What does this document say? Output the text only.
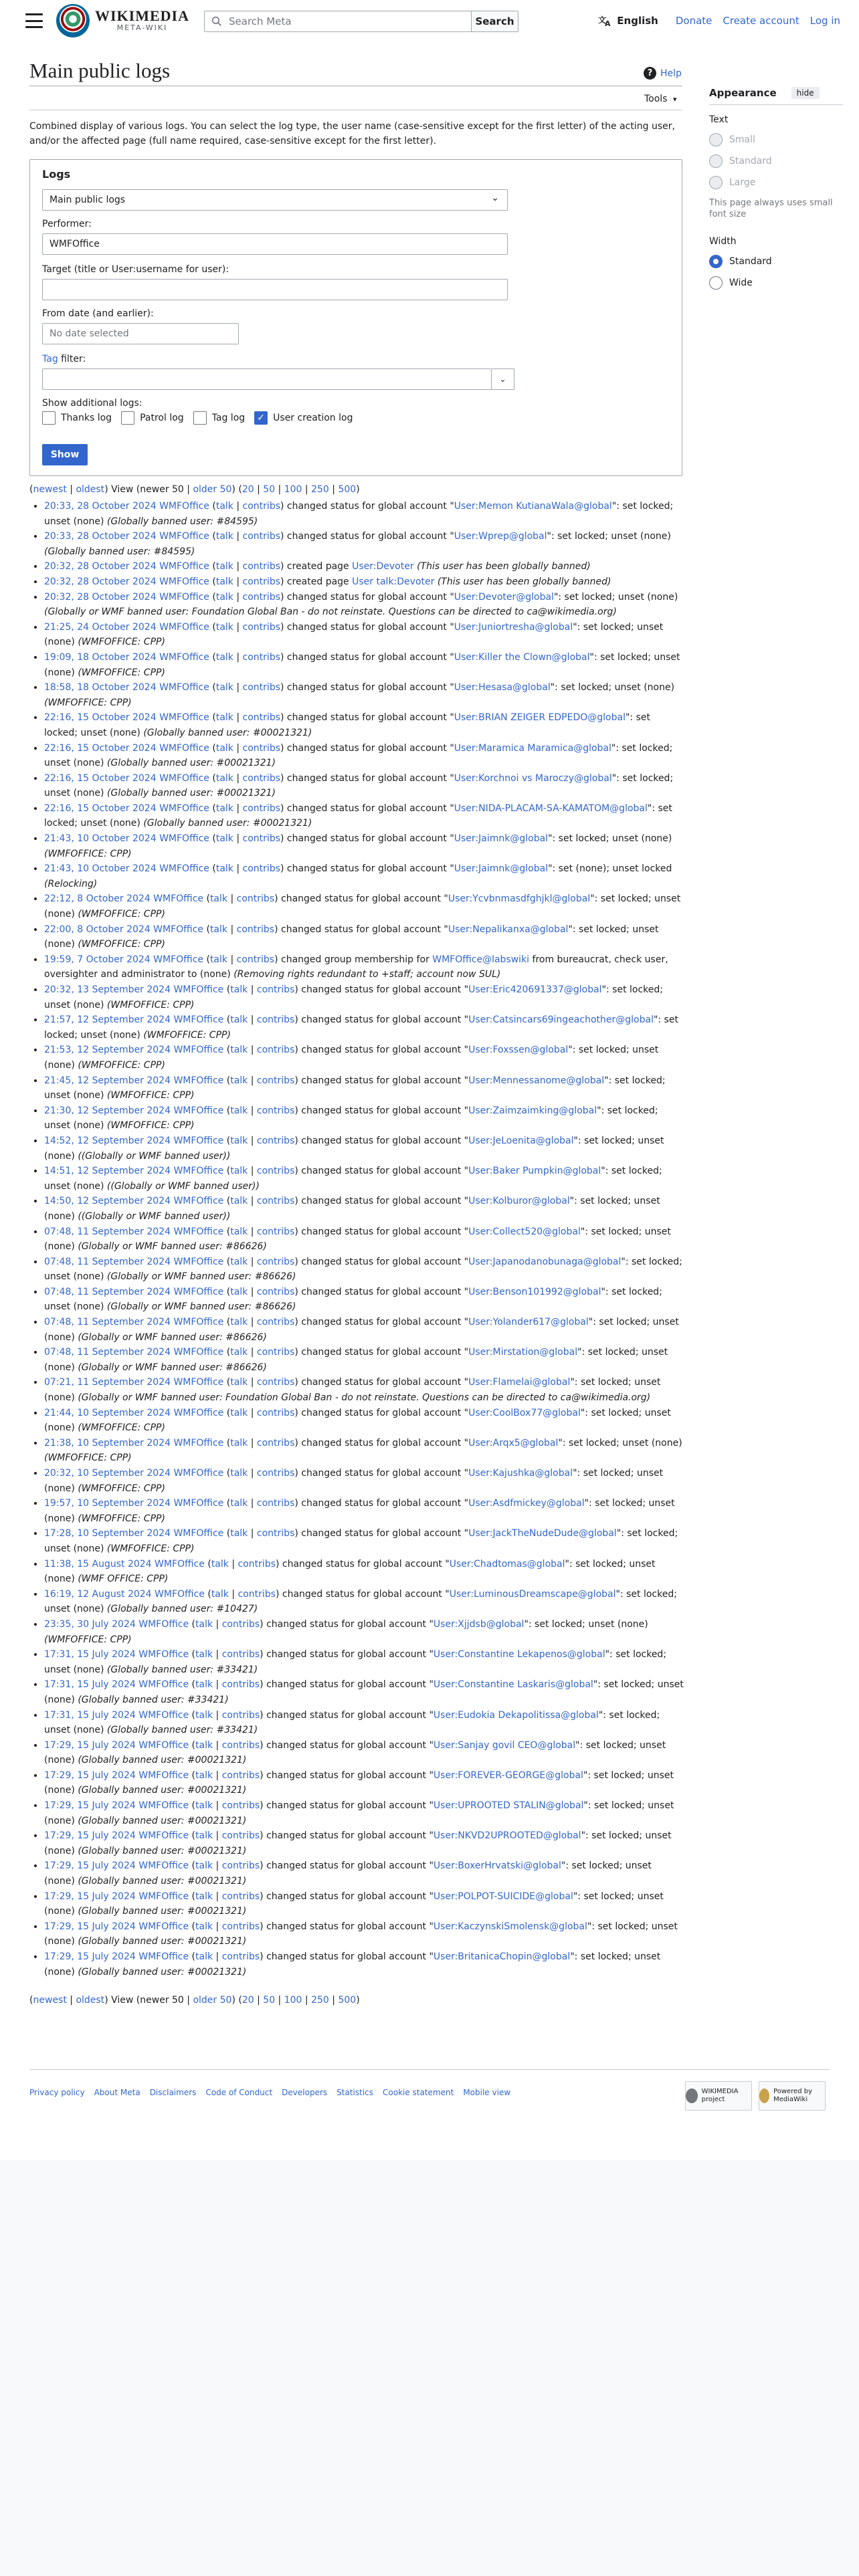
WIKIMEDIA
META-WIKI
Search Meta	Search	文
A English Donate Create account Log in
Main public logs	? Help
Tools ▾

Combined display of various logs. You can select the log type, the user name (case-sensitive except for the first letter) of the acting user, and/or the affected page (full name required, case-sensitive except for the first letter).

Logs
Main public logs	⌄
Performer:
WMFOffice
Target (title or User:username for user):
From date (and earlier):
No date selected
Tag filter:
⌄
Show additional logs:
Thanks log	Patrol log	Tag log ✓ User creation log
Show
(newest | oldest) View (newer 50 | older 50) (20 | 50 | 100 | 250 | 500)
• 20:33, 28 October 2024 WMFOffice (talk | contribs) changed status for global account "User:Memon KutianaWala@global": set locked; unset (none) (Globally banned user: #84595)
• 20:33, 28 October 2024 WMFOffice (talk | contribs) changed status for global account "User:Wprep@global": set locked; unset (none) (Globally banned user: #84595)
• 20:32, 28 October 2024 WMFOffice (talk | contribs) created page User:Devoter (This user has been globally banned)
• 20:32, 28 October 2024 WMFOffice (talk | contribs) created page User talk:Devoter (This user has been globally banned)
• 20:32, 28 October 2024 WMFOffice (talk | contribs) changed status for global account "User:Devoter@global": set locked; unset (none) (Globally or WMF banned user: Foundation Global Ban - do not reinstate. Questions can be directed to ca@wikimedia.org)
• 21:25, 24 October 2024 WMFOffice (talk | contribs) changed status for global account "User:Juniortresha@global": set locked; unset (none) (WMFOFFICE: CPP)
• 19:09, 18 October 2024 WMFOffice (talk | contribs) changed status for global account "User:Killer the Clown@global": set locked; unset (none) (WMFOFFICE: CPP)
• 18:58, 18 October 2024 WMFOffice (talk | contribs) changed status for global account "User:Hesasa@global": set locked; unset (none) (WMFOFFICE: CPP)
• 22:16, 15 October 2024 WMFOffice (talk | contribs) changed status for global account "User:BRIAN ZEIGER EDPEDO@global": set locked; unset (none) (Globally banned user: #00021321)
• 22:16, 15 October 2024 WMFOffice (talk | contribs) changed status for global account "User:Maramica Maramica@global": set locked; unset (none) (Globally banned user: #00021321)
• 22:16, 15 October 2024 WMFOffice (talk | contribs) changed status for global account "User:Korchnoi vs Maroczy@global": set locked; unset (none) (Globally banned user: #00021321)
• 22:16, 15 October 2024 WMFOffice (talk | contribs) changed status for global account "User:NIDA-PLACAM-SA-KAMATOM@global": set locked; unset (none) (Globally banned user: #00021321)
• 21:43, 10 October 2024 WMFOffice (talk | contribs) changed status for global account "User:Jaimnk@global": set locked; unset (none) (WMFOFFICE: CPP)
• 21:43, 10 October 2024 WMFOffice (talk | contribs) changed status for global account "User:Jaimnk@global": set (none); unset locked (Relocking)
• 22:12, 8 October 2024 WMFOffice (talk | contribs) changed status for global account "User:Ycvbnmasdfghjkl@global": set locked; unset (none) (WMFOFFICE: CPP)
• 22:00, 8 October 2024 WMFOffice (talk | contribs) changed status for global account "User:Nepalikanxa@global": set locked; unset (none) (WMFOFFICE: CPP)
• 19:59, 7 October 2024 WMFOffice (talk | contribs) changed group membership for WMFOffice@labswiki from bureaucrat, check user, oversighter and administrator to (none) (Removing rights redundant to +staff; account now SUL)
• 20:32, 13 September 2024 WMFOffice (talk | contribs) changed status for global account "User:Eric420691337@global": set locked; unset (none) (WMFOFFICE: CPP)
• 21:57, 12 September 2024 WMFOffice (talk | contribs) changed status for global account "User:Catsincars69ingeachother@global": set locked; unset (none) (WMFOFFICE: CPP)
• 21:53, 12 September 2024 WMFOffice (talk | contribs) changed status for global account "User:Foxssen@global": set locked; unset (none) (WMFOFFICE: CPP)
• 21:45, 12 September 2024 WMFOffice (talk | contribs) changed status for global account "User:Mennessanome@global": set locked; unset (none) (WMFOFFICE: CPP)
• 21:30, 12 September 2024 WMFOffice (talk | contribs) changed status for global account "User:Zaimzaimking@global": set locked; unset (none) (WMFOFFICE: CPP)
• 14:52, 12 September 2024 WMFOffice (talk | contribs) changed status for global account "User:JeLoenita@global": set locked; unset (none) ((Globally or WMF banned user))
• 14:51, 12 September 2024 WMFOffice (talk | contribs) changed status for global account "User:Baker Pumpkin@global": set locked; unset (none) ((Globally or WMF banned user))
• 14:50, 12 September 2024 WMFOffice (talk | contribs) changed status for global account "User:Kolburor@global": set locked; unset (none) ((Globally or WMF banned user))
• 07:48, 11 September 2024 WMFOffice (talk | contribs) changed status for global account "User:Collect520@global": set locked; unset (none) (Globally or WMF banned user: #86626)
• 07:48, 11 September 2024 WMFOffice (talk | contribs) changed status for global account "User:Japanodanobunaga@global": set locked; unset (none) (Globally or WMF banned user: #86626)
• 07:48, 11 September 2024 WMFOffice (talk | contribs) changed status for global account "User:Benson101992@global": set locked; unset (none) (Globally or WMF banned user: #86626)
• 07:48, 11 September 2024 WMFOffice (talk | contribs) changed status for global account "User:Yolander617@global": set locked; unset (none) (Globally or WMF banned user: #86626)
• 07:48, 11 September 2024 WMFOffice (talk | contribs) changed status for global account "User:Mirstation@global": set locked; unset (none) (Globally or WMF banned user: #86626)
• 07:21, 11 September 2024 WMFOffice (talk | contribs) changed status for global account "User:Flamelai@global": set locked; unset (none) (Globally or WMF banned user: Foundation Global Ban - do not reinstate. Questions can be directed to ca@wikimedia.org)
• 21:44, 10 September 2024 WMFOffice (talk | contribs) changed status for global account "User:CoolBox77@global": set locked; unset (none) (WMFOFFICE: CPP)
• 21:38, 10 September 2024 WMFOffice (talk | contribs) changed status for global account "User:Arqx5@global": set locked; unset (none) (WMFOFFICE: CPP)
• 20:32, 10 September 2024 WMFOffice (talk | contribs) changed status for global account "User:Kajushka@global": set locked; unset (none) (WMFOFFICE: CPP)
• 19:57, 10 September 2024 WMFOffice (talk | contribs) changed status for global account "User:Asdfmickey@global": set locked; unset (none) (WMFOFFICE: CPP)
• 17:28, 10 September 2024 WMFOffice (talk | contribs) changed status for global account "User:JackTheNudeDude@global": set locked; unset (none) (WMFOFFICE: CPP)
• 11:38, 15 August 2024 WMFOffice (talk | contribs) changed status for global account "User:Chadtomas@global": set locked; unset (none) (WMF OFFICE: CPP)
• 16:19, 12 August 2024 WMFOffice (talk | contribs) changed status for global account "User:LuminousDreamscape@global": set locked; unset (none) (Globally banned user: #10427)
• 23:35, 30 July 2024 WMFOffice (talk | contribs) changed status for global account "User:Xjjdsb@global": set locked; unset (none) (WMFOFFICE: CPP)
• 17:31, 15 July 2024 WMFOffice (talk | contribs) changed status for global account "User:Constantine Lekapenos@global": set locked; unset (none) (Globally banned user: #33421)
• 17:31, 15 July 2024 WMFOffice (talk | contribs) changed status for global account "User:Constantine Laskaris@global": set locked; unset (none) (Globally banned user: #33421)
• 17:31, 15 July 2024 WMFOffice (talk | contribs) changed status for global account "User:Eudokia Dekapolitissa@global": set locked; unset (none) (Globally banned user: #33421)
• 17:29, 15 July 2024 WMFOffice (talk | contribs) changed status for global account "User:Sanjay govil CEO@global": set locked; unset (none) (Globally banned user: #00021321)
• 17:29, 15 July 2024 WMFOffice (talk | contribs) changed status for global account "User:FOREVER-GEORGE@global": set locked; unset (none) (Globally banned user: #00021321)
• 17:29, 15 July 2024 WMFOffice (talk | contribs) changed status for global account "User:UPROOTED STALIN@global": set locked; unset (none) (Globally banned user: #00021321)
• 17:29, 15 July 2024 WMFOffice (talk | contribs) changed status for global account "User:NKVD2UPROOTED@global": set locked; unset (none) (Globally banned user: #00021321)
• 17:29, 15 July 2024 WMFOffice (talk | contribs) changed status for global account "User:BoxerHrvatski@global": set locked; unset (none) (Globally banned user: #00021321)
• 17:29, 15 July 2024 WMFOffice (talk | contribs) changed status for global account "User:POLPOT-SUICIDE@global": set locked; unset (none) (Globally banned user: #00021321)
• 17:29, 15 July 2024 WMFOffice (talk | contribs) changed status for global account "User:KaczynskiSmolensk@global": set locked; unset (none) (Globally banned user: #00021321)
• 17:29, 15 July 2024 WMFOffice (talk | contribs) changed status for global account "User:BritanicaChopin@global": set locked; unset (none) (Globally banned user: #00021321)
(newest | oldest) View (newer 50 | older 50) (20 | 50 | 100 | 250 | 500)
Appearance	hide
Text
Small
Standard
Large
This page always uses small font size
Width
Standard
Wide
Privacy policy About Meta Disclaimers Code of Conduct Developers Statistics Cookie statement Mobile view	WIKIMEDIA project
Powered by MediaWiki
